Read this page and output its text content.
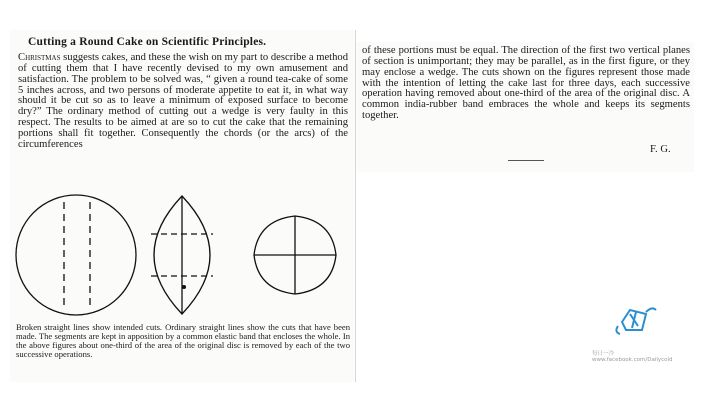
Cutting a Round Cake on Scientific Principles.

Christmas suggests cakes, and these the wish on my part to describe a method of cutting them that I have recently devised to my own amusement and satisfaction. The problem to be solved was, “ given a round tea-cake of some 5 inches across, and two persons of moderate appetite to eat it, in what way should it be cut so as to leave a minimum of exposed surface to become dry?” The ordinary method of cutting out a wedge is very faulty in this respect. The results to be aimed at are so to cut the cake that the remaining portions shall fit together. Consequently the chords (or the arcs) of the circumferences

of these portions must be equal. The direction of the first two vertical planes of section is unimportant; they may be parallel, as in the first figure, or they may enclose a wedge. The cuts shown on the figures represent those made with the intention of letting the cake last for three days, each successive operation having removed about one-third of the area of the original disc. A common india-rubber band embraces the whole and keeps its segments together.

F. G.

Broken straight lines show intended cuts. Ordinary straight lines show the cuts that have been made. The segments are kept in apposition by a common elastic band that encloses the whole. In the above figures about one-third of the area of the original disc is removed by each of the two successive operations.	每日一冷
www.facebook.com/Dailycold
